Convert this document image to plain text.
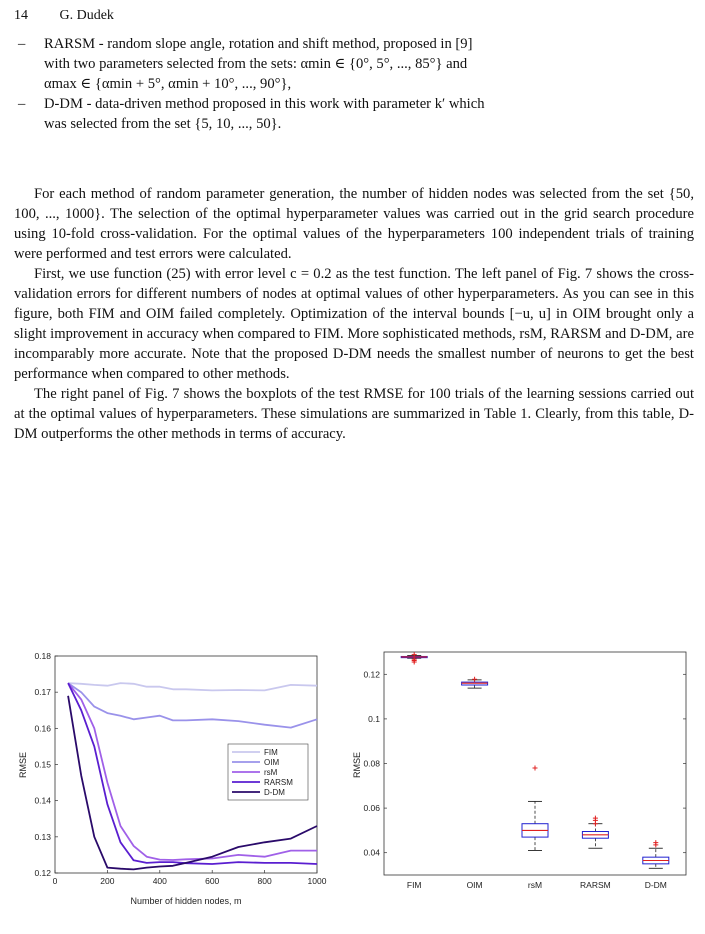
14 G. Dudek
–	RARSM - random slope angle, rotation and shift method, proposed in [9]
with two parameters selected from the sets: αmin ∈ {0°, 5°, ..., 85°} and
αmax ∈ {αmin + 5°, αmin + 10°, ..., 90°},
–	D-DM - data-driven method proposed in this work with parameter k′ which
was selected from the set {5, 10, ..., 50}.

For each method of random parameter generation, the number of hidden nodes was selected from the set {50, 100, ..., 1000}. The selection of the optimal hyperparameter values was carried out in the grid search procedure using 10-fold cross-validation. For the optimal values of the hyperparameters 100 independent trials of training were performed and test errors were calculated.

First, we use function (25) with error level c = 0.2 as the test function. The left panel of Fig. 7 shows the cross-validation errors for different numbers of nodes at optimal values of other hyperparameters. As you can see in this figure, both FIM and OIM failed completely. Optimization of the interval bounds [−u, u] in OIM brought only a slight improvement in accuracy when compared to FIM. More sophisticated methods, rsM, RARSM and D-DM, are incomparably more accurate. Note that the proposed D-DM needs the smallest number of neurons to get the best performance when compared to other methods.

The right panel of Fig. 7 shows the boxplots of the test RMSE for 100 trials of the learning sessions carried out at the optimal values of hyperparameters. These simulations are summarized in Table 1. Clearly, from this table, D-DM outperforms the other methods in terms of accuracy.

0	200	400	600	800	1000
0.12
0.13
0.14
0.15
0.16
0.17
0.18
FIM
OIM
rsM
RARSM
D-DM
Number of hidden nodes, m
RMSE
0.04
0.06
0.08
0.1
0.12
FIM	OIM	rsM	RARSM	D-DM
RMSE
